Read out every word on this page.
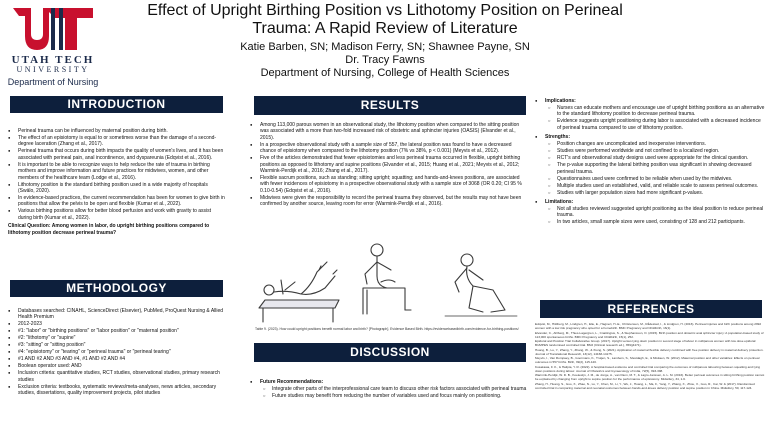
UTAH TECH
UNIVERSITY
Department of Nursing
Effect of Upright Birthing Position vs Lithotomy Position on Perineal Trauma: A Rapid Review of Literature
Katie Barben, SN; Madison Ferry, SN; Shawnee Payne, SN
Dr. Tracy Fawns
Department of Nursing, College of Health Sciences
INTRODUCTION
● Perineal trauma can be influenced by maternal position during birth.
● The effect of an episiotomy is equal to or sometimes worse than the damage of a second-degree laceration (Zhang et al., 2017).
● Perineal trauma that occurs during birth impacts the quality of women's lives, and it has been associated with perineal pain, anal incontinence, and dyspareunia (Edqvist et al., 2016).
● It is important to be able to recognize ways to help reduce the rate of trauma in birthing mothers and improve information and future practices for midwives, women, and other members of the healthcare team (Lodge et al., 2016).
● Lithotomy position is the standard birthing position used in a wide majority of hospitals (Swälo, 2020).
● In evidence-based practices, the current recommendation has been for women to give birth in positions that allow the pelvis to be open and flexible (Kumar et al., 2022).
● Various birthing positions allow for better blood perfusion and work with gravity to assist during birth (Kumar et al., 2022).
Clinical Question: Among women in labor, do upright birthing positions compared to lithotomy position decrease perineal trauma?
METHODOLOGY
● Databases searched: CINAHL, ScienceDirect (Elsevier), PubMed, ProQuest Nursing & Allied Health Premium
● 2012-2023
● #1: "labor" or "birthing positions" or "labor position" or "maternal position"
● #2: "lithotomy" or "supine"
● #3: "sitting" or "sitting position"
● #4: "episiotomy" or "tearing" or "perineal trauma" or "perineal tearing"
● #1 AND #2 AND #3 AND #4, #1 AND #2 AND #4
● Boolean operator used: AND
● Inclusion criteria: quantitative studies, RCT studies, observational studies, primary research studies
● Exclusion criteria: textbooks, systematic reviews/meta-analyses, news articles, secondary studies, dissertations, quality improvement projects, pilot studies
RESULTS
● Among 113,000 parous women in an observational study, the lithotomy position when compared to the sitting position was associated with a more than two-fold increased risk of obstetric anal sphincter injuries (OASIS) (Elvander et al., 2015).
● In a prospective observational study with a sample size of 557, the lateral position was found to have a decreased chance of episiotomy when compared to the lithotomy position (7% vs 38%, p < 0.001) (Meyvis et al., 2012).
● Five of the articles demonstrated that fewer episiotomies and less perineal trauma occurred in flexible, upright birthing positions as opposed to lithotomy and supine positions (Elvander et al., 2015; Huang et al., 2021; Meyvis et al., 2012; Warmink-Perdijk et al., 2016; Zhang et al., 2017).
● Flexible sacrum positions, such as standing; sitting upright; squatting; and hands-and-knees positions, are associated with fewer incidences of episiotomy in a prospective observational study with a sample size of 3068 (OR 0.20; CI 95 % 0.10-0.54) (Edqvist et al., 2016).
● Midwives were given the responsibility to record the perineal trauma they observed, but the results may not have been confirmed by another source, leaving room for error (Warmink-Perdijk et al., 2016).
Table 9. (2023). How could upright positions benefit normal labor and birth? [Photograph]. Evidence Based Birth. https://evidencebasedbirth.com/evidence-for-birthing-positions/
DISCUSSION
● Future Recommendations:
○ Integrate other parts of the interprofessional care team to discuss other risk factors associated with perineal trauma
○ Future studies may benefit from reducing the number of variables used and focus mainly on positioning.
● Implications:
○ Nurses can educate mothers and encourage use of upright birthing positions as an alternative to the standard lithotomy position to decrease perineal trauma.
○ Evidence suggests upright positioning during labor is associated with a decreased incidence of perineal trauma compared to use of lithotomy position.
● Strengths:
○ Position changes are uncomplicated and inexpensive interventions.
○ Studies were performed worldwide and not confined to a localized region.
○ RCT's and observational study designs used were appropriate for the clinical question.
○ The p-value supporting the lateral birthing position was significant in showing decreased perineal trauma.
○ Questionnaires used were confirmed to be reliable when used by the midwives.
○ Multiple studies used an established, valid, and reliable scale to assess perineal outcomes.
○ Studies with larger population sizes had more significant p-values.
● Limitations:
○ Not all studies reviewed suggested upright positioning as the ideal position to reduce perineal trauma.
○ In two articles, small sample sizes were used, consisting of 128 and 212 participants.
REFERENCES
Edqvist, M., Hildberg, M., Lindgren, H., Elie, E., Hagnert, H.-E., Christensen, M., Rådestad, I., & Lindgren, H. (2016). Perineal injuries and birth positions among 2992 women with a low risk pregnancy who opted for a homebirth. BMC Pregnancy and Childbirth, 16(1).
Elvander, C., Ahlberg, M., Thies-Lagergren, L., Cnattingius, S., & Stephansson, O. (2015). Birth position and obstetric anal sphincter injury: A population-based study of 113,000 spontaneous births. BMC Pregnancy and Childbirth, 15(1), 252.
Epidural and Position Trial Collaborative Group. (2017). Upright versus lying down position in second stage of labour in nulliparous women with low dose epidural: BUMPES randomised controlled trial. BMJ (Clinical research ed.), 359(j4471).
Huang, B., Lu, Y., Zhang, Y., Zhang, W., & Xiong, S. (2021). Application of maternal flexible delivery combined with free position delivery in maternal delivery protection. Journal of Translational Research, 13(12), 14168-14175.
Meyvis, I., Van Rompaey, B., Goormans, K., Truijen, S., Lambers, S., Mestdagh, E., & Mistiaen, W. (2012). Maternal position and other variables: Effects on perineal outcomes in 557 births. Birth, 39(2), 115-120.
Kusakawa, F. K., & Halipta, Y. R. (2022). A hospital-based evidence and controlled trial comparing the outcomes of nulliparous labouring between squatting and lying down positions during labour. Journal of Obstetrics and Gynaecology of India, 72(5), 393-398.
Warmink-Perdijk, W. D. B., Koelewijn, J. M., de Jonge, A., van Diem, M. T., & Lagro-Janssen, A. L. M. (2016). Better perineal outcomes in sitting birthing position cannot be explained by changing from upright to supine position for the performance of episiotomy. Midwifery, 34, 1-6.
Zhang, H., Huang, S., Guo, X., Zhao, N., Lu, Y., Chen, M., Li, Y., Wu, J., Huang, L., Ma, F., Yang, Y., Zhang, X., Zhou, X., Guo, R., Cai, W. & (2017). Randomised controlled trial in comparing maternal and neonatal outcomes between hands-and-knees delivery position and supine position in China. Midwifery, 50, 117-124.
